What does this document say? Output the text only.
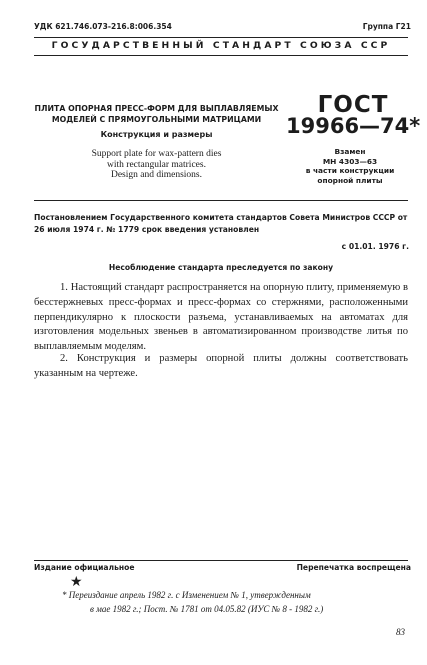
УДК 621.746.073-216.8:006.354	Группа Г21
ГОСУДАРСТВЕННЫЙ СТАНДАРТ СОЮЗА ССР
ПЛИТА ОПОРНАЯ ПРЕСС-ФОРМ ДЛЯ ВЫПЛАВЛЯЕМЫХ
МОДЕЛЕЙ С ПРЯМОУГОЛЬНЫМИ МАТРИЦАМИ
Конструкция и размеры
Support plate for wax-pattern dies
with rectangular matrices.
Design and dimensions.
ГОСТ
19966—74*
Взамен
МН 4303—63
в части конструкции
опорной плиты
Постановлением Государственного комитета стандартов Совета Министров СССР от 26 июля 1974 г. № 1779 срок введения установлен
с 01.01. 1976 г.
Несоблюдение стандарта преследуется по закону

1. Настоящий стандарт распространяется на опорную плиту, применяемую в бесстержневых пресс-формах и пресс-формах со стержнями, расположенными перпендикулярно к плоскости разъема, устанавливаемых на автоматах для изготовления модельных звеньев в автоматизированном производстве литья по выплавляемым моделям.

2. Конструкция и размеры опорной плиты должны соответствовать указанным на чертеже.

Издание официальное	Перепечатка воспрещена
★
* Переиздание апрель 1982 г. с Изменением № 1, утвержденным
в мае 1982 г.; Пост. № 1781 от 04.05.82 (ИУС № 8 - 1982 г.)
83
